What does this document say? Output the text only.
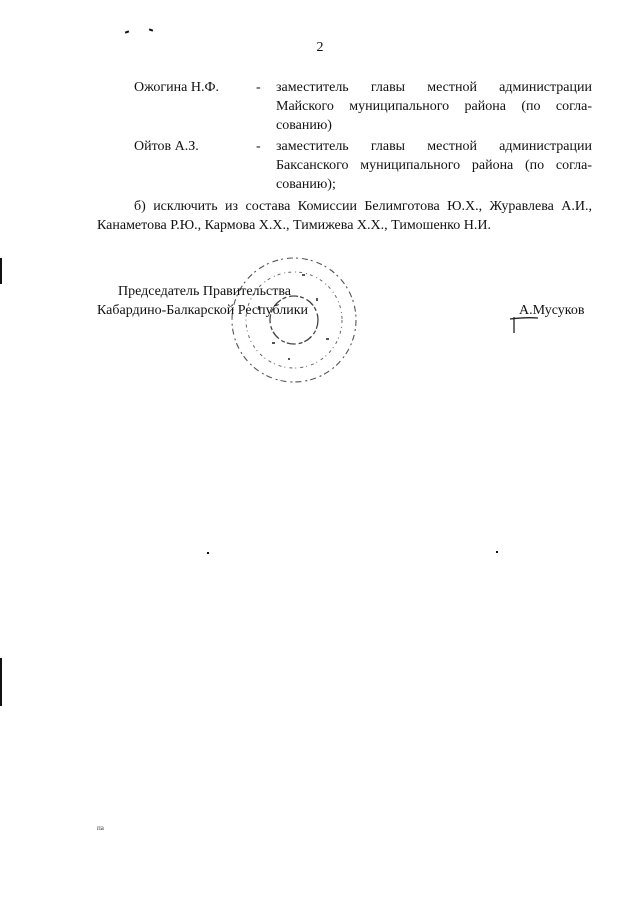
2
Ожогина Н.Ф.	- заместитель главы местной администрации
Майского муниципального района (по согла-
сованию)
Ойтов А.З.	- заместитель главы местной администрации
Баксанского муниципального района (по согла-
сованию);
б) исключить из состава Комиссии Белимготова Ю.Х., Журавлева А.И.,
Канаметова Р.Ю., Кармова Х.Х., Тимижева Х.Х., Тимошенко Н.И.
Председатель Правительства
Кабардино-Балкарской Республики	А.Мусуков
па
